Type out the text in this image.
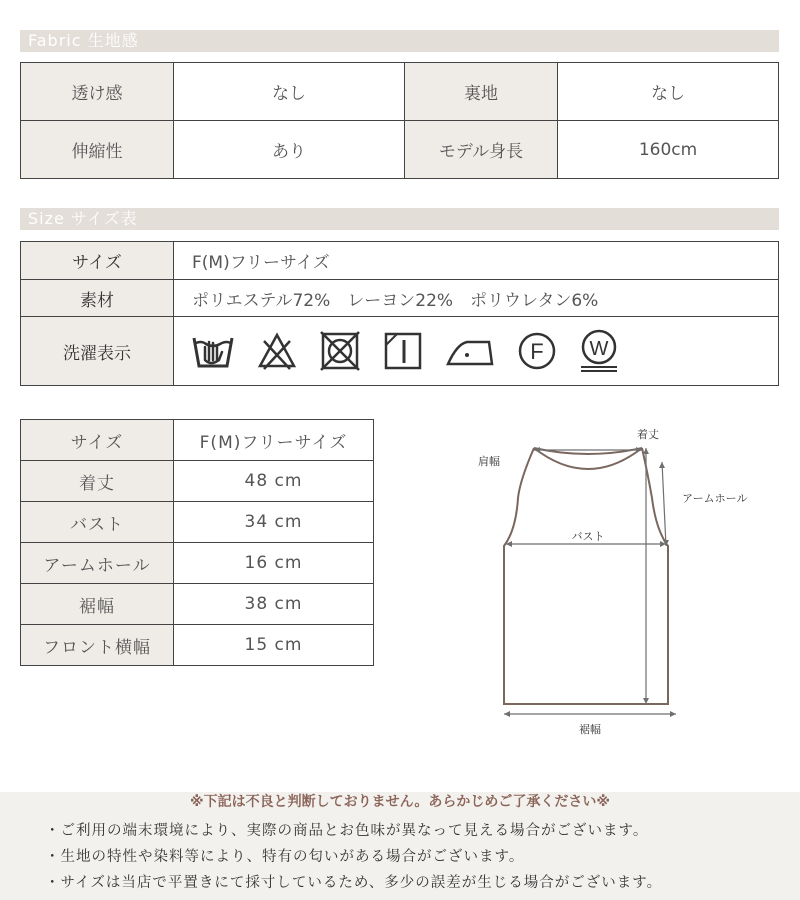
Fabric 生地感
透け感	なし	裏地	なし
伸縮性	あり	モデル身長	160cm
Size サイズ表
サイズ	F(M)フリーサイズ
素材	ポリエステル72%　レーヨン22%　ポリウレタン6%
洗濯表示	F W
サイズ	F(M)フリーサイズ
着丈	48 cm
バスト	34 cm
アームホール	16 cm
裾幅	38 cm
フロント横幅	15 cm
着丈
肩幅
アームホール
バスト
裾幅
※下記は不良と判断しておりません。あらかじめご了承ください※
・ご利用の端末環境により、実際の商品とお色味が異なって見える場合がございます。
・生地の特性や染料等により、特有の匂いがある場合がございます。
・サイズは当店で平置きにて採寸しているため、多少の誤差が生じる場合がございます。
